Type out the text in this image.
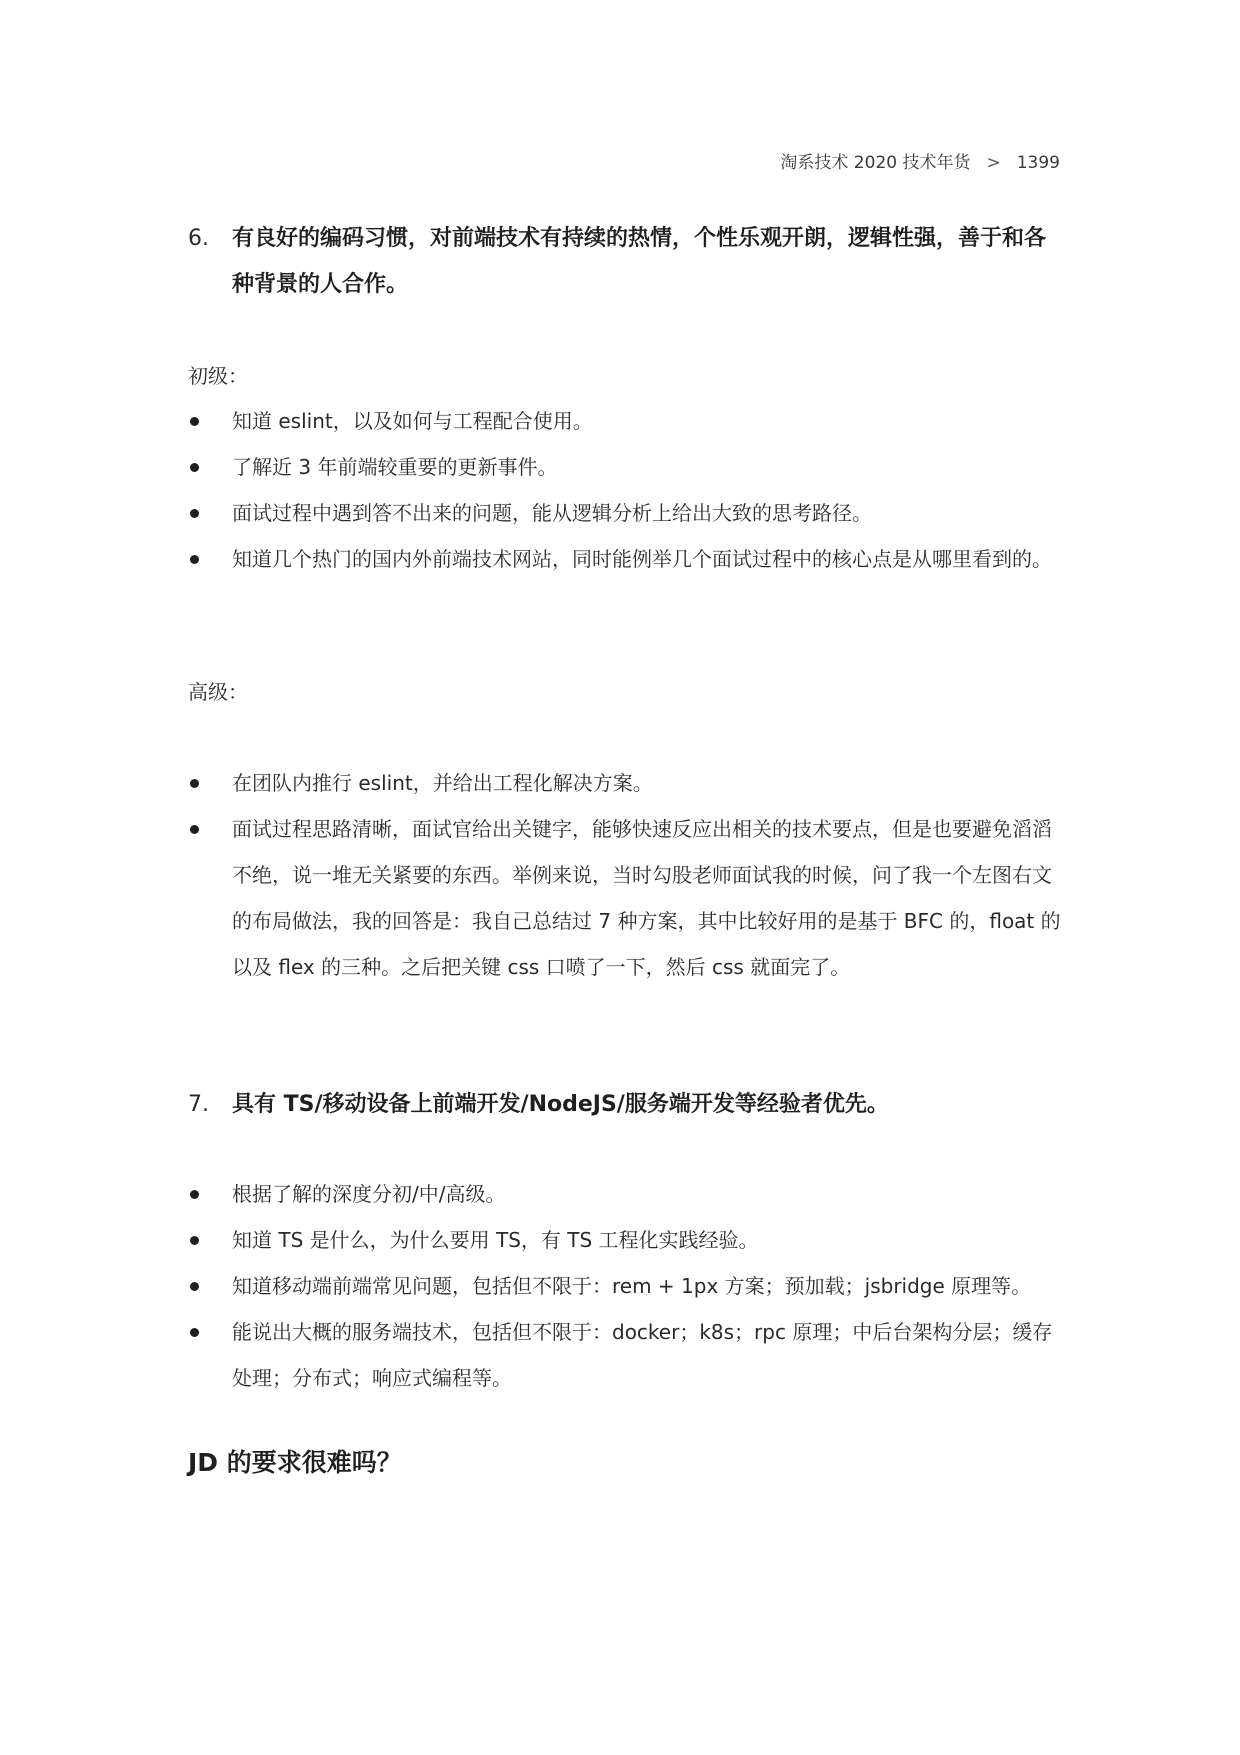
淘系技术 2020 技术年货 > 1399
6. 有良好的编码习惯，对前端技术有持续的热情，个性乐观开朗，逻辑性强，善于和各种背景的人合作。
初级：
知道 eslint，以及如何与工程配合使用。
了解近 3 年前端较重要的更新事件。
面试过程中遇到答不出来的问题，能从逻辑分析上给出大致的思考路径。
知道几个热门的国内外前端技术网站，同时能例举几个面试过程中的核心点是从哪里看到的。
高级：
在团队内推行 eslint，并给出工程化解决方案。
面试过程思路清晰，面试官给出关键字，能够快速反应出相关的技术要点，但是也要避免滔滔不绝，说一堆无关紧要的东西。举例来说，当时勾股老师面试我的时候，问了我一个左图右文的布局做法，我的回答是：我自己总结过 7 种方案，其中比较好用的是基于 BFC 的，float 的以及 flex 的三种。之后把关键 css 口喷了一下，然后 css 就面完了。
7. 具有 TS/移动设备上前端开发/NodeJS/服务端开发等经验者优先。
根据了解的深度分初/中/高级。
知道 TS 是什么，为什么要用 TS，有 TS 工程化实践经验。
知道移动端前端常见问题，包括但不限于：rem + 1px 方案；预加载；jsbridge 原理等。
能说出大概的服务端技术，包括但不限于：docker；k8s；rpc 原理；中后台架构分层；缓存处理；分布式；响应式编程等。
JD 的要求很难吗？
